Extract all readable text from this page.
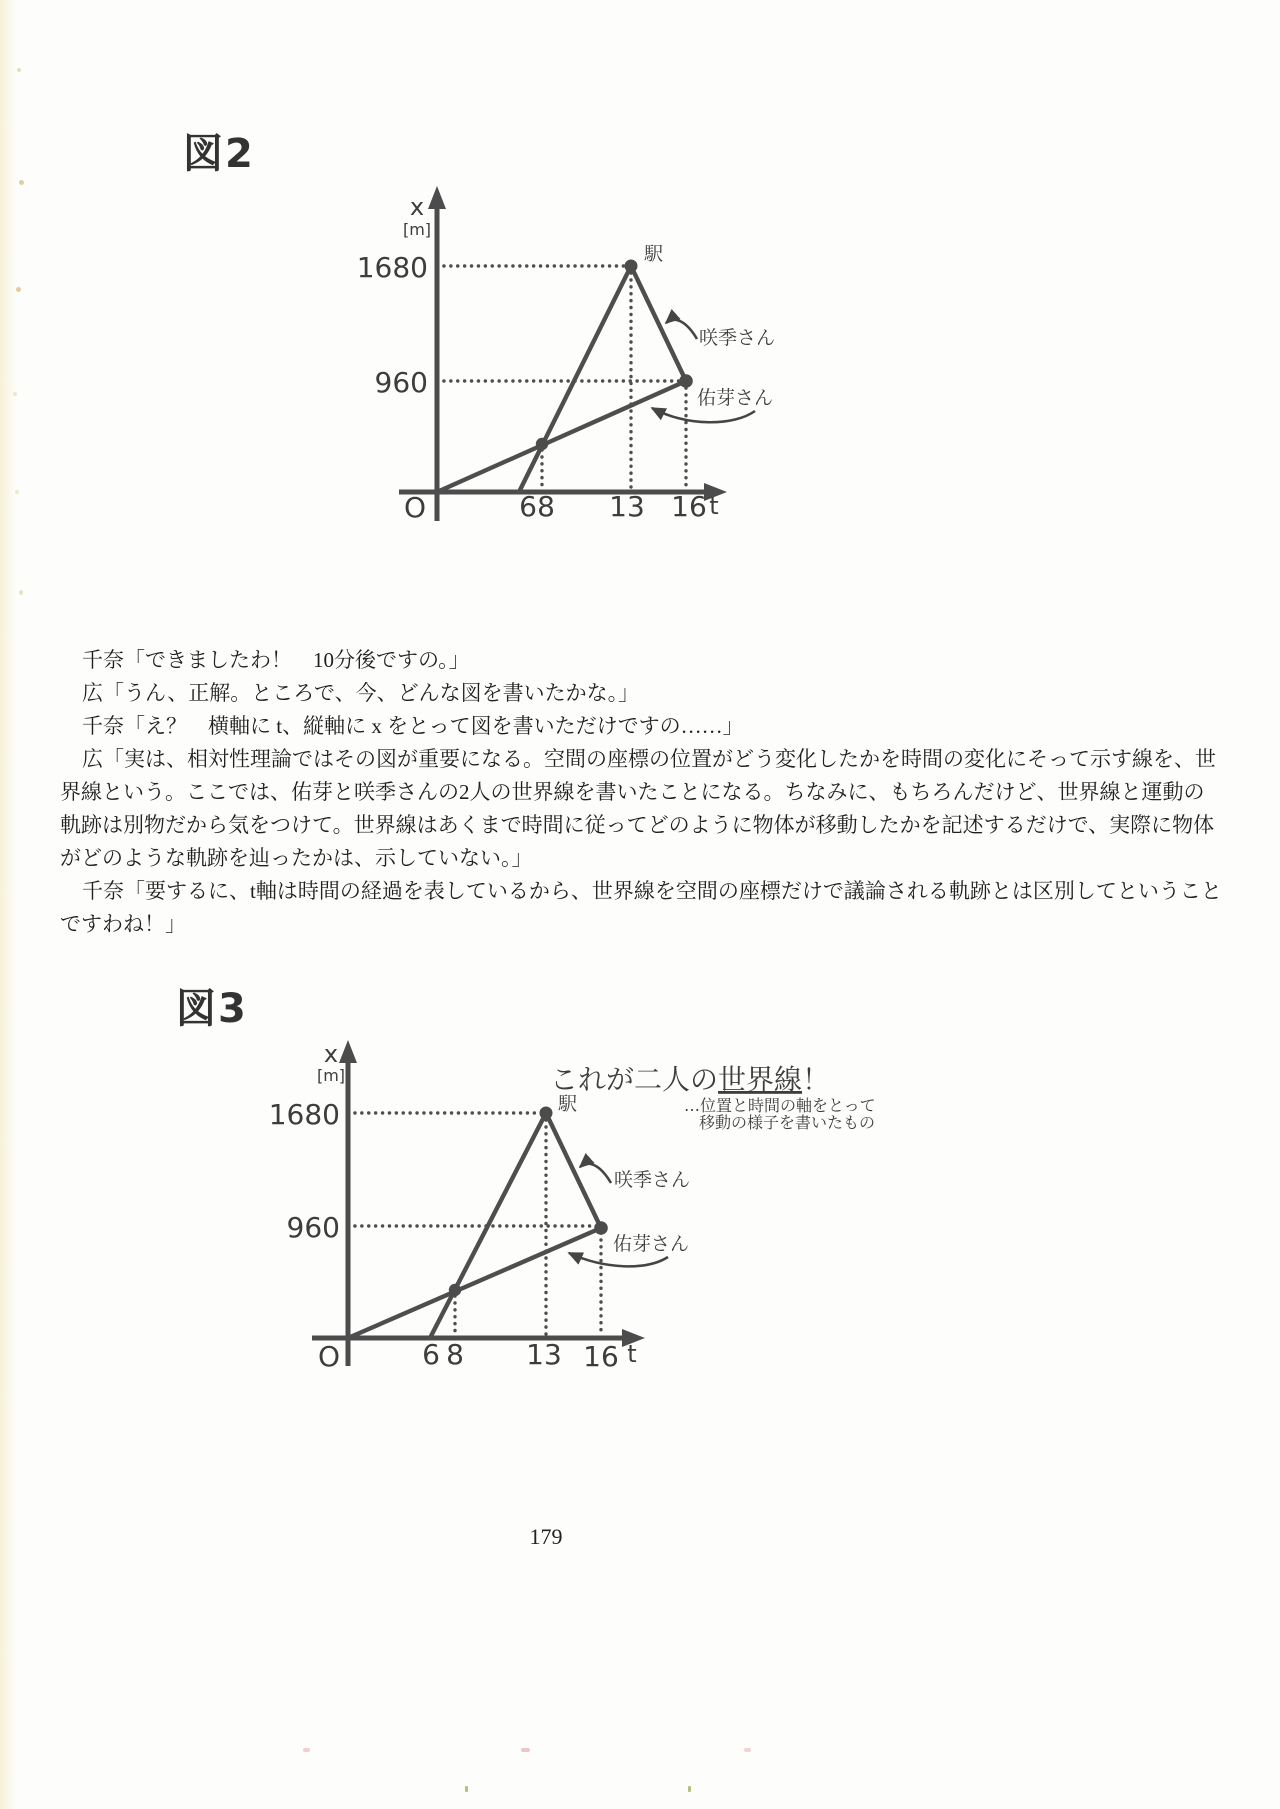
図2
x
[m]
1680
960
O	6 8 13 16 t
駅
咲季さん
佑芽さん
千奈「できましたわ！　10分後ですの。」
広「うん、正解。ところで、今、どんな図を書いたかな。」
千奈「え？　横軸に t、縦軸に x をとって図を書いただけですの……」
広「実は、相対性理論ではその図が重要になる。空間の座標の位置がどう変化したかを時間の変化にそって示す線を、世
界線という。ここでは、佑芽と咲季さんの2人の世界線を書いたことになる。ちなみに、もちろんだけど、世界線と運動の
軌跡は別物だから気をつけて。世界線はあくまで時間に従ってどのように物体が移動したかを記述するだけで、実際に物体
がどのような軌跡を辿ったかは、示していない。」
千奈「要するに、t軸は時間の経過を表しているから、世界線を空間の座標だけで議論される軌跡とは区別してということ
ですわね！」
図3
x
[m]
1680
960
O	6 8 13 16 t
駅
咲季さん
佑芽さん
これが二人の世界線！
…位置と時間の軸をとって
移動の様子を書いたもの
179
